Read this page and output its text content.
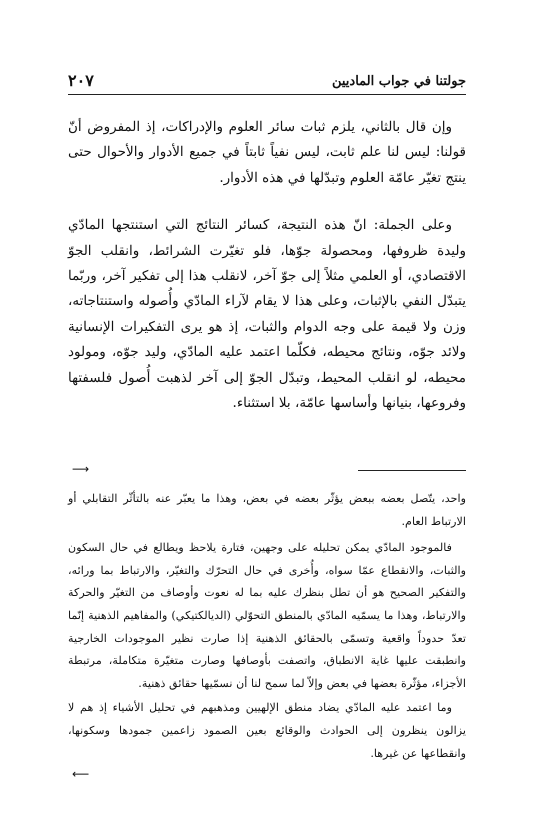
جولتنا في جواب الماديين
٢٠٧

وإن قال بالثاني، يلزم ثبات سائر العلوم والإدراكات، إذ المفروض أنّ قولنا: ليس لنا علم ثابت، ليس نفياً ثابتاً في جميع الأدوار والأحوال حتى ينتج تغيّر عامّة العلوم وتبدّلها في هذه الأدوار.

وعلى الجملة: انّ هذه النتيجة، كسائر النتائج التي استنتجها المادّي وليدة ظروفها، ومحصولة جوّها، فلو تغيّرت الشرائط، وانقلب الجوّ الاقتصادي، أو العلمي مثلاً إلى جوّ آخر، لانقلب هذا إلى تفكير آخر، وربّما يتبدّل النفي بالإثبات، وعلى هذا لا يقام لآراء المادّي وأُصوله واستنتاجاته، وزن ولا قيمة على وجه الدوام والثبات، إذ هو يرى التفكيرات الإنسانية ولائد جوّه، ونتائج محيطه، فكلّما اعتمد عليه المادّي، وليد جوّه، ومولود محيطه، لو انقلب المحيط، وتبدّل الجوّ إلى آخر لذهبت أُصول فلسفتها وفروعها، بنيانها وأساسها عامّة، بلا استثناء.

⟶

واحد، يتّصل بعضه ببعض يؤثّر بعضه في بعض، وهذا ما يعبّر عنه بالتأثّر التقابلي أو الارتباط العام.

فالموجود المادّي يمكن تحليله على وجهين، فتارة يلاحظ ويطالع في حال السكون والثبات، والانقطاع عمّا سواه، وأُخرى في حال التحرّك والتغيّر، والارتباط بما ورائه، والتفكير الصحيح هو أن تطل بنظرك عليه بما له نعوت وأوصاف من التغيّر والحركة والارتباط، وهذا ما يسمّيه المادّي بالمنطق التحوّلي (الديالكتيكي) والمفاهيم الذهنية إنّما تعدّ حدوداً واقعية وتسمّى بالحقائق الذهنية إذا صارت نظير الموجودات الخارجية وانطبقت عليها غاية الانطباق، واتصفت بأوصافها وصارت متغيّرة متكاملة، مرتبطة الأجزاء، مؤثّرة بعضها في بعض وإلاّ لما سمح لنا أن نسمّيها حقائق ذهنية.

وما اعتمد عليه المادّي يضاد منطق الإلهيين ومذهبهم في تحليل الأشياء إذ هم لا يزالون ينظرون إلى الحوادث والوقائع بعين الصمود زاعمين جمودها وسكونها، وانقطاعها عن غيرها.

⟵
